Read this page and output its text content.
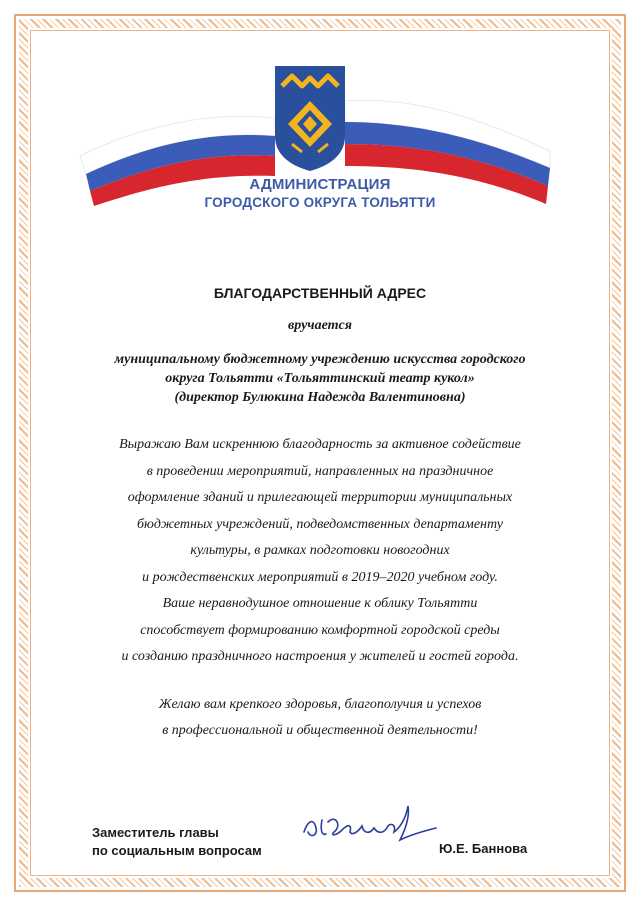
АДМИНИСТРАЦИЯ
ГОРОДСКОГО ОКРУГА ТОЛЬЯТТИ
БЛАГОДАРСТВЕННЫЙ АДРЕС
вручается
муниципальному бюджетному учреждению искусства городского
округа Тольятти «Тольяттинский театр кукол»
(директор Булюкина Надежда Валентиновна)
Выражаю Вам искреннюю благодарность за активное содействие
в проведении мероприятий, направленных на праздничное
оформление зданий и прилегающей территории муниципальных
бюджетных учреждений, подведомственных департаменту
культуры, в рамках подготовки новогодних
и рождественских мероприятий в 2019–2020 учебном году.
Ваше неравнодушное отношение к облику Тольятти
способствует формированию комфортной городской среды
и созданию праздничного настроения у жителей и гостей города.
Желаю вам крепкого здоровья, благополучия и успехов
в профессиональной и общественной деятельности!
Заместитель главы
по социальным вопросам	Ю.Е. Баннова
